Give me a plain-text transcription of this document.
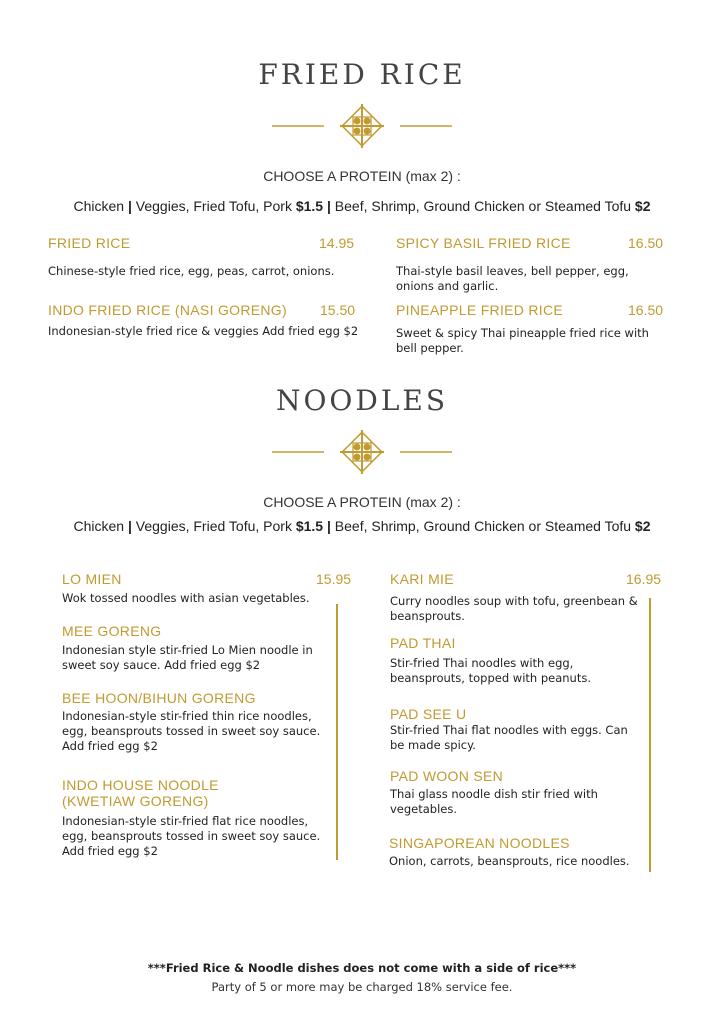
FRIED RICE
CHOOSE A PROTEIN (max 2) :
Chicken | Veggies, Fried Tofu, Pork $1.5 | Beef, Shrimp, Ground Chicken or Steamed Tofu $2
FRIED RICE	14.95
Chinese-style fried rice, egg, peas, carrot, onions.
INDO FRIED RICE (NASI GORENG) 15.50
Indonesian-style fried rice & veggies Add fried egg $2
SPICY BASIL FRIED RICE	16.50
Thai-style basil leaves, bell pepper, egg, onions and garlic.
PINEAPPLE FRIED RICE	16.50
Sweet & spicy Thai pineapple fried rice with bell pepper.
NOODLES
CHOOSE A PROTEIN (max 2) :
Chicken | Veggies, Fried Tofu, Pork $1.5 | Beef, Shrimp, Ground Chicken or Steamed Tofu $2
LO MIEN	15.95
Wok tossed noodles with asian vegetables.
MEE GORENG
Indonesian style stir-fried Lo Mien noodle in sweet soy sauce. Add fried egg $2
BEE HOON/BIHUN GORENG
Indonesian-style stir-fried thin rice noodles, egg, beansprouts tossed in sweet soy sauce.
Add fried egg $2
INDO HOUSE NOODLE
(KWETIAW GORENG)
Indonesian-style stir-fried flat rice noodles, egg, beansprouts tossed in sweet soy sauce.
Add fried egg $2
KARI MIE	16.95
Curry noodles soup with tofu, greenbean & beansprouts.
PAD THAI
Stir-fried Thai noodles with egg, beansprouts, topped with peanuts.
PAD SEE U
Stir-fried Thai flat noodles with eggs. Can be made spicy.
PAD WOON SEN
Thai glass noodle dish stir fried with vegetables.
SINGAPOREAN NOODLES
Onion, carrots, beansprouts, rice noodles.
***Fried Rice & Noodle dishes does not come with a side of rice***
Party of 5 or more may be charged 18% service fee.
